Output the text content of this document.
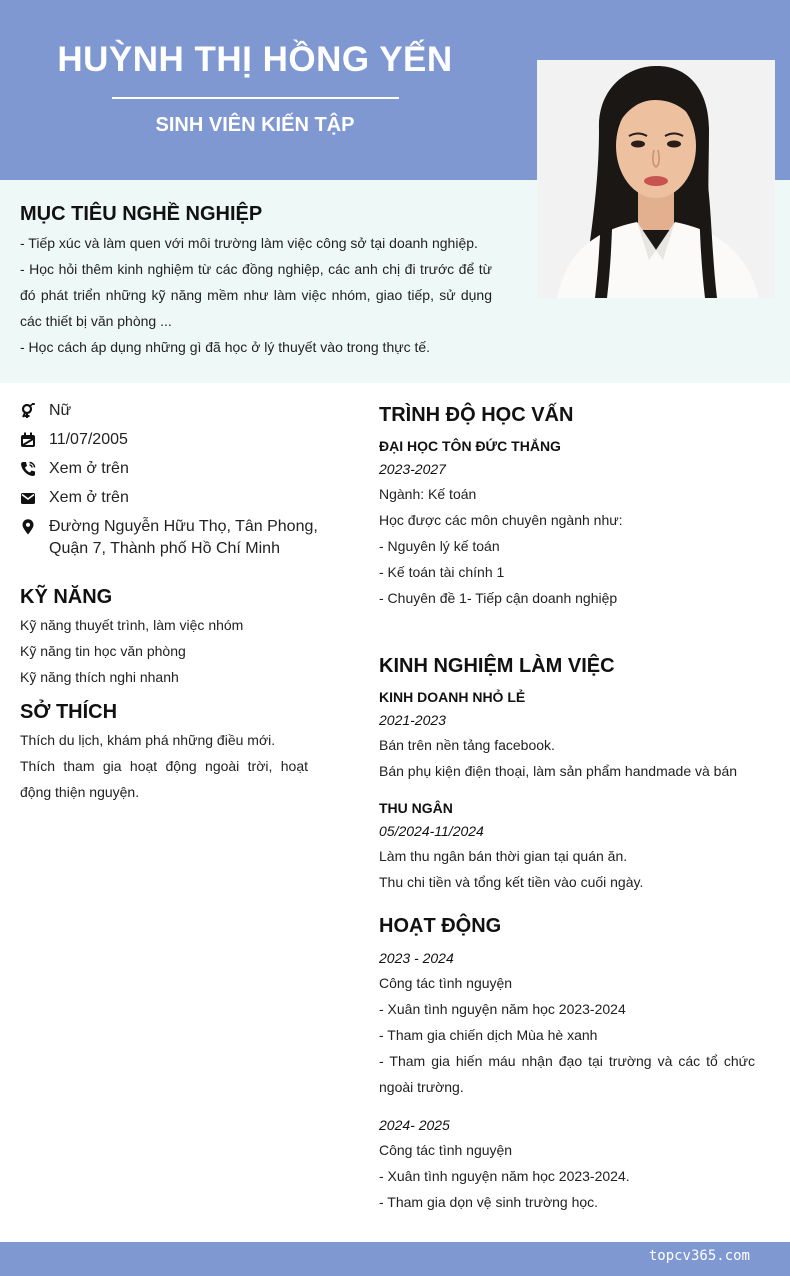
HUỲNH THỊ HỒNG YẾN
SINH VIÊN KIẾN TẬP
MỤC TIÊU NGHỀ NGHIỆP

- Tiếp xúc và làm quen với môi trường làm việc công sở tại doanh nghiệp.

- Học hỏi thêm kinh nghiệm từ các đồng nghiệp, các anh chị đi trước để từ đó phát triển những kỹ năng mềm như làm việc nhóm, giao tiếp, sử dụng các thiết bị văn phòng ...

- Học cách áp dụng những gì đã học ở lý thuyết vào trong thực tế.

Nữ
11/07/2005
Xem ở trên
Xem ở trên
Đường Nguyễn Hữu Thọ, Tân Phong, Quận 7, Thành phố Hồ Chí Minh
KỸ NĂNG

Kỹ năng thuyết trình, làm việc nhóm

Kỹ năng tin học văn phòng

Kỹ năng thích nghi nhanh

SỞ THÍCH

Thích du lịch, khám phá những điều mới.

Thích tham gia hoạt động ngoài trời, hoạt động thiện nguyện.

TRÌNH ĐỘ HỌC VẤN

ĐẠI HỌC TÔN ĐỨC THẮNG

2023-2027

Ngành: Kế toán

Học được các môn chuyên ngành như:

- Nguyên lý kế toán

- Kế toán tài chính 1

- Chuyên đề 1- Tiếp cận doanh nghiệp

KINH NGHIỆM LÀM VIỆC

KINH DOANH NHỎ LẺ

2021-2023

Bán trên nền tảng facebook.

Bán phụ kiện điện thoại, làm sản phẩm handmade và bán

THU NGÂN

05/2024-11/2024

Làm thu ngân bán thời gian tại quán ăn.

Thu chi tiền và tổng kết tiền vào cuối ngày.

HOẠT ĐỘNG

2023 - 2024

Công tác tình nguyện

- Xuân tình nguyện năm học 2023-2024

- Tham gia chiến dịch Mùa hè xanh

- Tham gia hiến máu nhận đạo tại trường và các tổ chức ngoài trường.

2024- 2025

Công tác tình nguyện

- Xuân tình nguyện năm học 2023-2024.

- Tham gia dọn vệ sinh trường học.

topcv365.com
